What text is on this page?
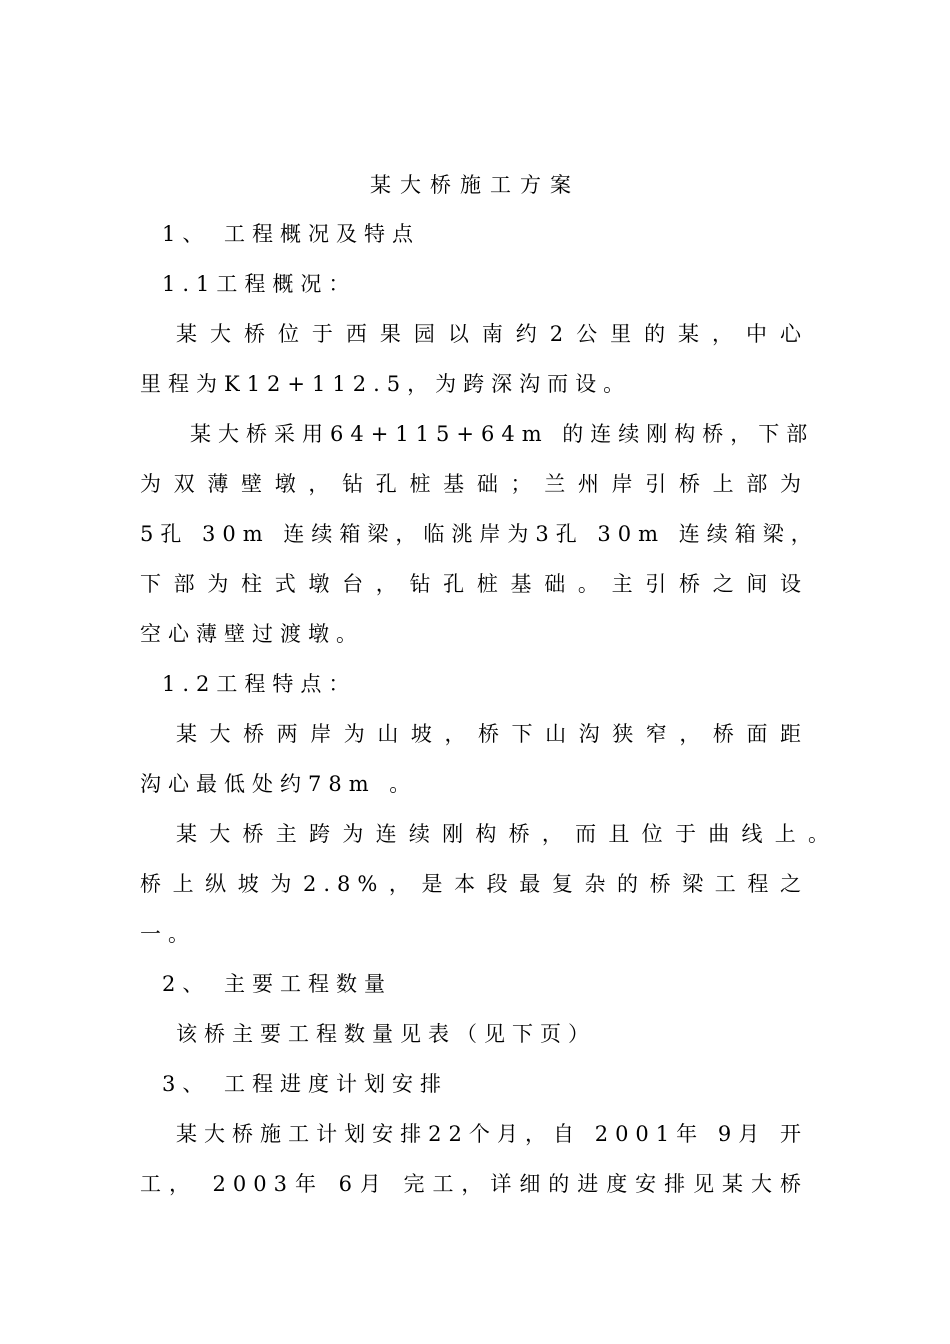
某大桥施工方案
1、 工程概况及特点
1.1工程概况：
某大桥位于西果园以南约2公里的某，中心
里程为K12+112.5，为跨深沟而设。
某大桥采用64+115+64m 的连续刚构桥，下部
为双薄壁墩，钻孔桩基础；兰州岸引桥上部为
5孔 30m 连续箱梁，临洮岸为3孔 30m 连续箱梁，
下部为柱式墩台，钻孔桩基础。主引桥之间设
空心薄壁过渡墩。
1.2工程特点：
某大桥两岸为山坡，桥下山沟狭窄，桥面距
沟心最低处约78m 。
某大桥主跨为连续刚构桥，而且位于曲线上。
桥上纵坡为2.8%，是本段最复杂的桥梁工程之
一。
2、 主要工程数量
该桥主要工程数量见表（见下页）
3、 工程进度计划安排
某大桥施工计划安排22个月，自 2001年 9月 开
工， 2003年 6月 完工，详细的进度安排见某大桥
